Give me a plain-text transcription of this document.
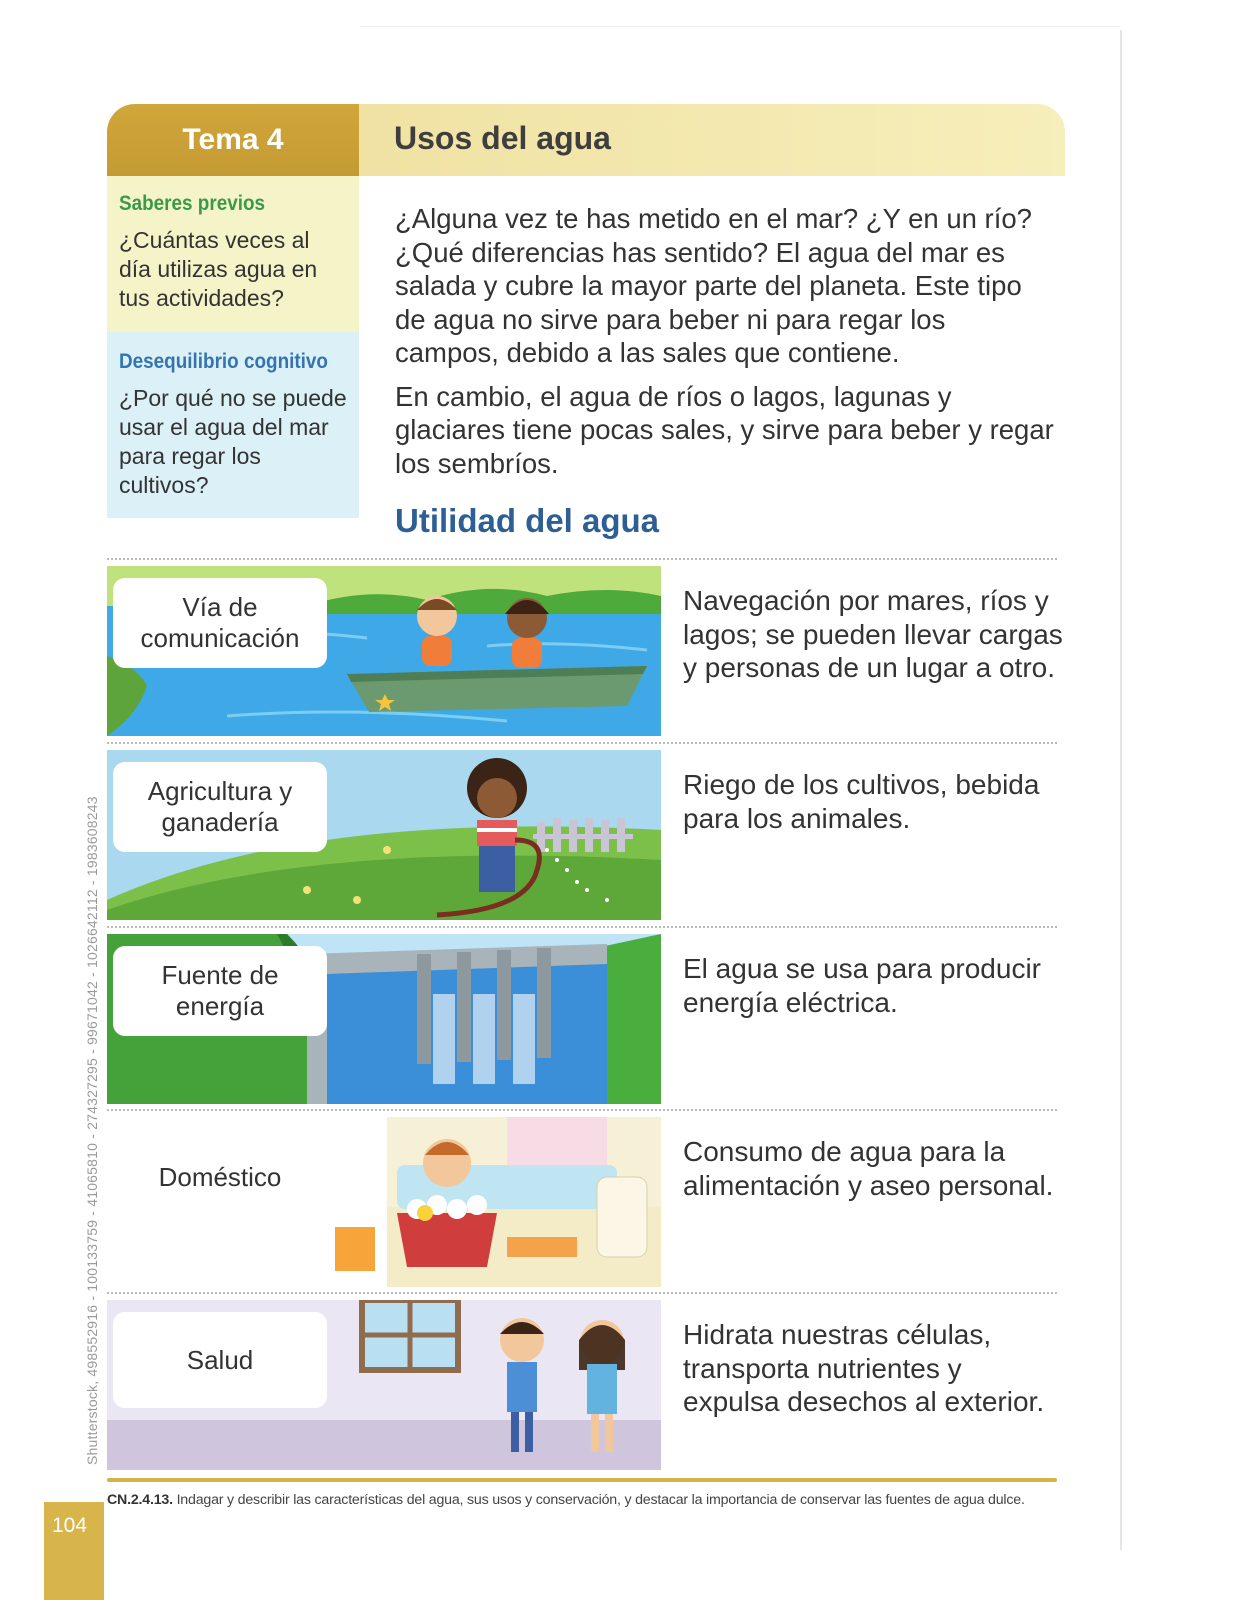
Tema 4	Usos del agua
Saberes previos
¿Cuántas veces al día utilizas agua en tus actividades?
Desequilibrio cognitivo
¿Por qué no se puede usar el agua del mar para regar los cultivos?

¿Alguna vez te has metido en el mar? ¿Y en un río? ¿Qué diferencias has sentido? El agua del mar es salada y cubre la mayor parte del planeta. Este tipo de agua no sirve para beber ni para regar los campos, debido a las sales que contiene.

En cambio, el agua de ríos o lagos, lagunas y glaciares tiene pocas sales, y sirve para beber y regar los sembríos.

Utilidad del agua
Vía de comunicación
Navegación por mares, ríos y lagos; se pueden llevar cargas y personas de un lugar a otro.
Agricultura y ganadería
Riego de los cultivos, bebida para los animales.
Fuente de energía
El agua se usa para producir energía eléctrica.
Doméstico
Consumo de agua para la alimentación y aseo personal.
Salud
Hidrata nuestras células, transporta nutrientes y expulsa desechos al exterior.
CN.2.4.13. Indagar y describir las características del agua, sus usos y conservación, y destacar la importancia de conservar las fuentes de agua dulce.
Shutterstock, 498552916 - 100133759 - 41065810 - 274327295 - 99671042 - 1026642112 - 1983608243
104
